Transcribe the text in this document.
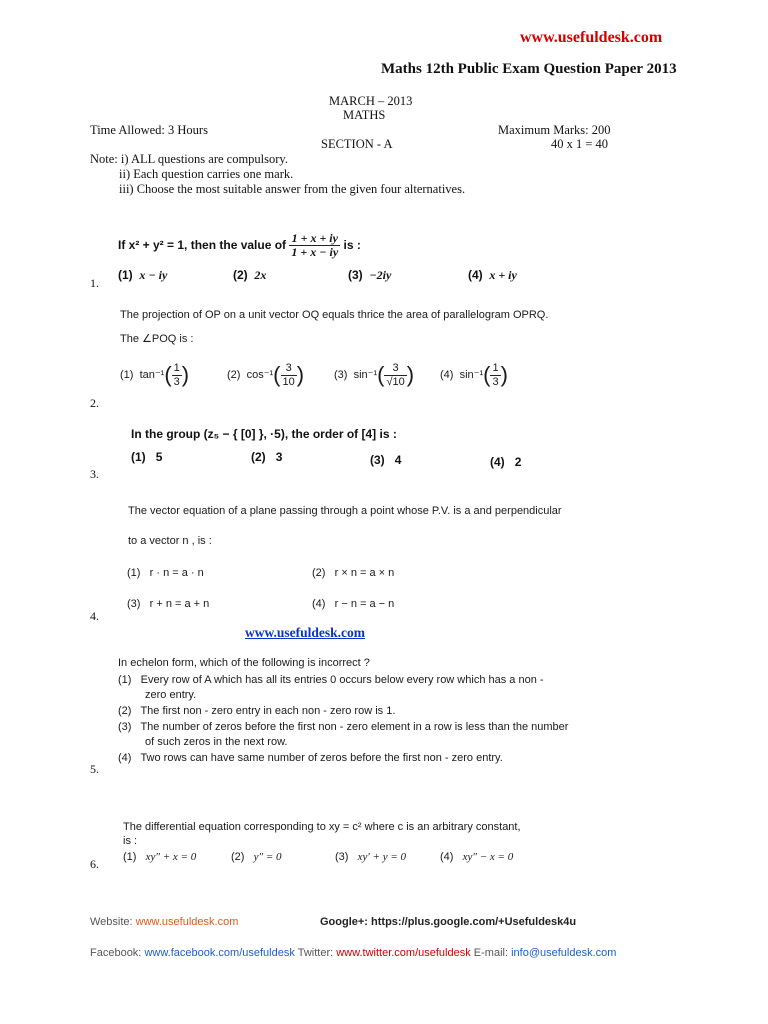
www.usefuldesk.com
Maths 12th Public Exam Question Paper 2013
MARCH – 2013
MATHS
Time Allowed: 3 Hours	Maximum Marks: 200
SECTION - A	40 x 1 = 40
Note: i) ALL questions are compulsory.
ii) Each question carries one mark.
iii) Choose the most suitable answer from the given four alternatives.
If x² + y² = 1, then the value of $\frac{1 + x + iy}{1 + x - iy}$ is :
(1) x − iy	(2) 2x	(3) −2iy	(4) x + iy
1.
The projection of OP on a unit vector OQ equals thrice the area of parallelogram OPRQ.
The ∠POQ is :
(1) $\tan^{-1}( \frac{1}{3}$ )	(2) $\cos^{-1}( \frac{3}{10}$ )	(3) $\sin^{-1}( \frac{3}{√10}$ ) (4) $\sin^{-1}( \frac{1}{3}$ )
2.
In the group (z₅ − { [0] }, ·5), the order of [4] is :
(1) 5	(2) 3	(3) 4	(4) 2
3.
The vector equation of a plane passing through a point whose P.V. is a and perpendicular
to a vector n , is :
(1) r · n = a · n	(2) r × n = a × n
(3) r + n = a + n	(4) r − n = a − n
4.
www.usefuldesk.com
In echelon form, which of the following is incorrect ?
(1) Every row of A which has all its entries 0 occurs below every row which has a non -
zero entry.
(2) The first non - zero entry in each non - zero row is 1.
(3) The number of zeros before the first non - zero element in a row is less than the number
of such zeros in the next row.
(4) Two rows can have same number of zeros before the first non - zero entry.
5.
The differential equation corresponding to xy = c² where c is an arbitrary constant,
is :
(1) xy″ + x = 0	(2) y″ = 0	(3) xy′ + y = 0	(4) xy″ − x = 0
6.
Website: www.usefuldesk.com	Google+: https://plus.google.com/+Usefuldesk4u
Facebook: www.facebook.com/usefuldesk Twitter: www.twitter.com/usefuldesk E-mail: info@usefuldesk.com
